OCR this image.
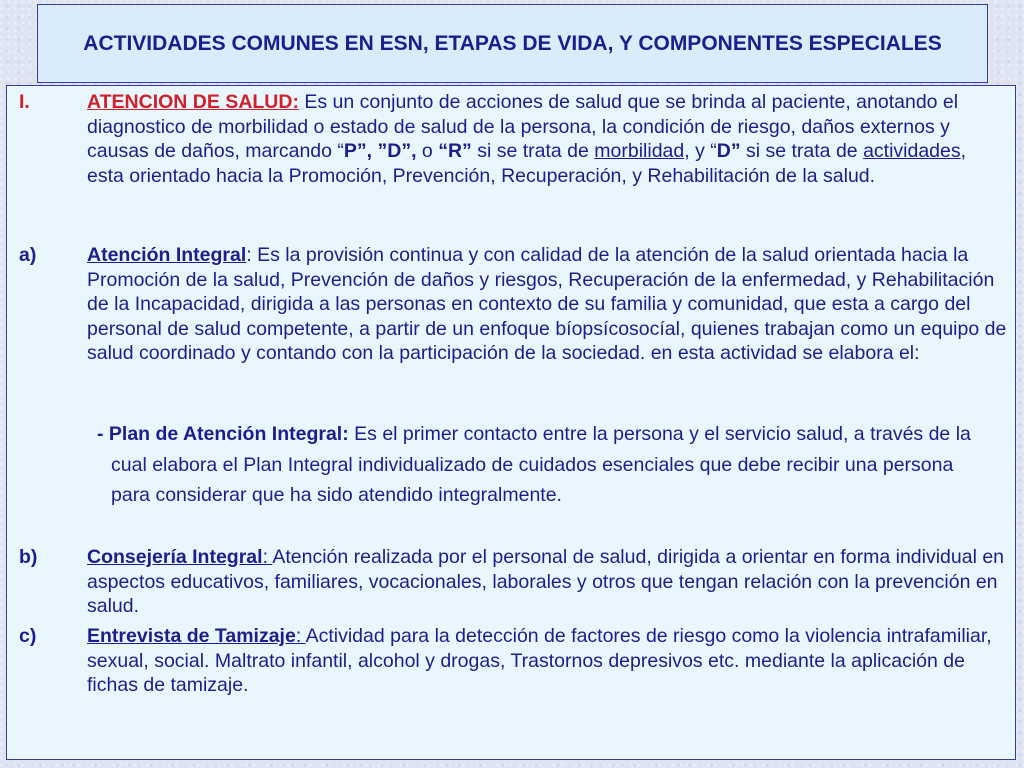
ACTIVIDADES COMUNES EN ESN, ETAPAS DE VIDA, Y COMPONENTES ESPECIALES
I.	ATENCION DE SALUD: Es un conjunto de acciones de salud que se brinda al paciente, anotando el diagnostico de morbilidad o estado de salud de la persona, la condición de riesgo, daños externos y causas de daños, marcando “P”, ”D”, o “R” si se trata de morbilidad, y “D” si se trata de actividades, esta orientado hacia la Promoción, Prevención, Recuperación, y Rehabilitación de la salud.
a)	Atención Integral: Es la provisión continua y con calidad de la atención de la salud orientada hacia la Promoción de la salud, Prevención de daños y riesgos, Recuperación de la enfermedad, y Rehabilitación de la Incapacidad, dirigida a las personas en contexto de su familia y comunidad, que esta a cargo del personal de salud competente, a partir de un enfoque bíopsícosocíal, quienes trabajan como un equipo de salud coordinado y contando con la participación de la sociedad. en esta actividad se elabora el:
- Plan de Atención Integral: Es el primer contacto entre la persona y el servicio salud, a través de la cual elabora el Plan Integral individualizado de cuidados esenciales que debe recibir una persona para considerar que ha sido atendido integralmente.
b)	Consejería Integral: Atención realizada por el personal de salud, dirigida a orientar en forma individual en aspectos educativos, familiares, vocacionales, laborales y otros que tengan relación con la prevención en salud.
c)	Entrevista de Tamizaje: Actividad para la detección de factores de riesgo como la violencia intrafamiliar, sexual, social. Maltrato infantil, alcohol y drogas, Trastornos depresivos etc. mediante la aplicación de fichas de tamizaje.
